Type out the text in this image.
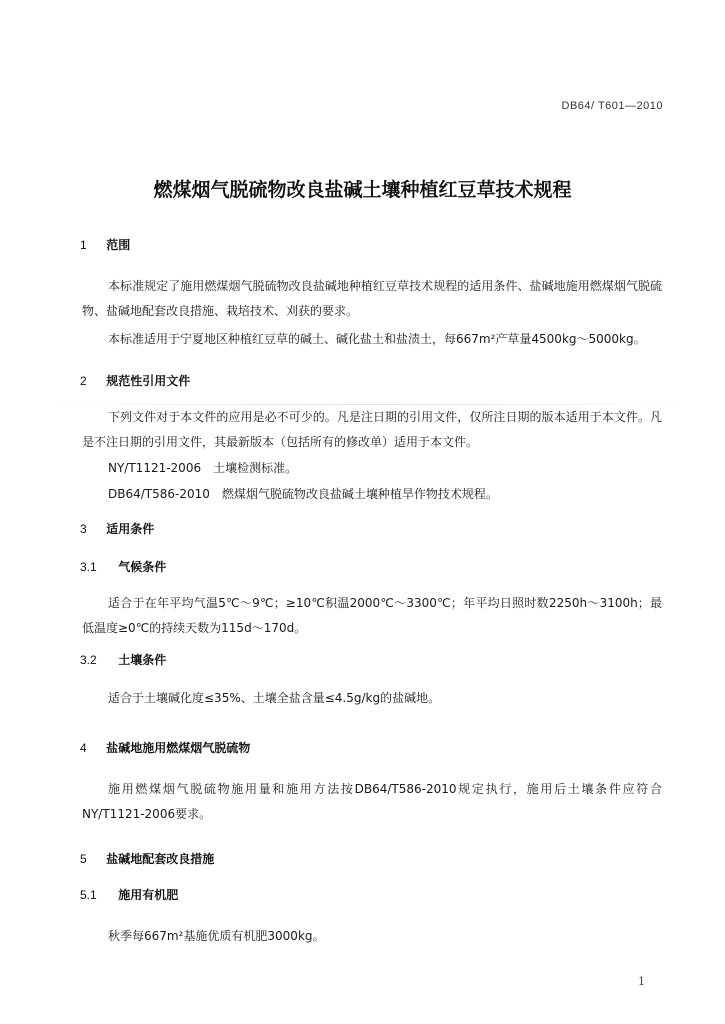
DB64/ T601—2010
燃煤烟气脱硫物改良盐碱土壤种植红豆草技术规程
1 范围
本标准规定了施用燃煤烟气脱硫物改良盐碱地种植红豆草技术规程的适用条件、盐碱地施用燃煤烟气脱硫物、盐碱地配套改良措施、栽培技术、刈获的要求。
本标准适用于宁夏地区种植红豆草的碱土、碱化盐土和盐渍土，每667m²产草量4500kg～5000kg。
2 规范性引用文件
下列文件对于本文件的应用是必不可少的。凡是注日期的引用文件，仅所注日期的版本适用于本文件。凡是不注日期的引用文件，其最新版本（包括所有的修改单）适用于本文件。
NY/T1121-2006　土壤检测标准。
DB64/T586-2010　燃煤烟气脱硫物改良盐碱土壤种植旱作物技术规程。
3 适用条件
3.1 气候条件
适合于在年平均气温5℃～9℃；≥10℃积温2000℃～3300℃；年平均日照时数2250h～3100h；最低温度≥0℃的持续天数为115d～170d。
3.2 土壤条件
适合于土壤碱化度≤35%、土壤全盐含量≤4.5g/kg的盐碱地。
4 盐碱地施用燃煤烟气脱硫物
施用燃煤烟气脱硫物施用量和施用方法按DB64/T586-2010规定执行，施用后土壤条件应符合NY/T1121-2006要求。
5 盐碱地配套改良措施
5.1 施用有机肥
秋季每667m²基施优质有机肥3000kg。
1
